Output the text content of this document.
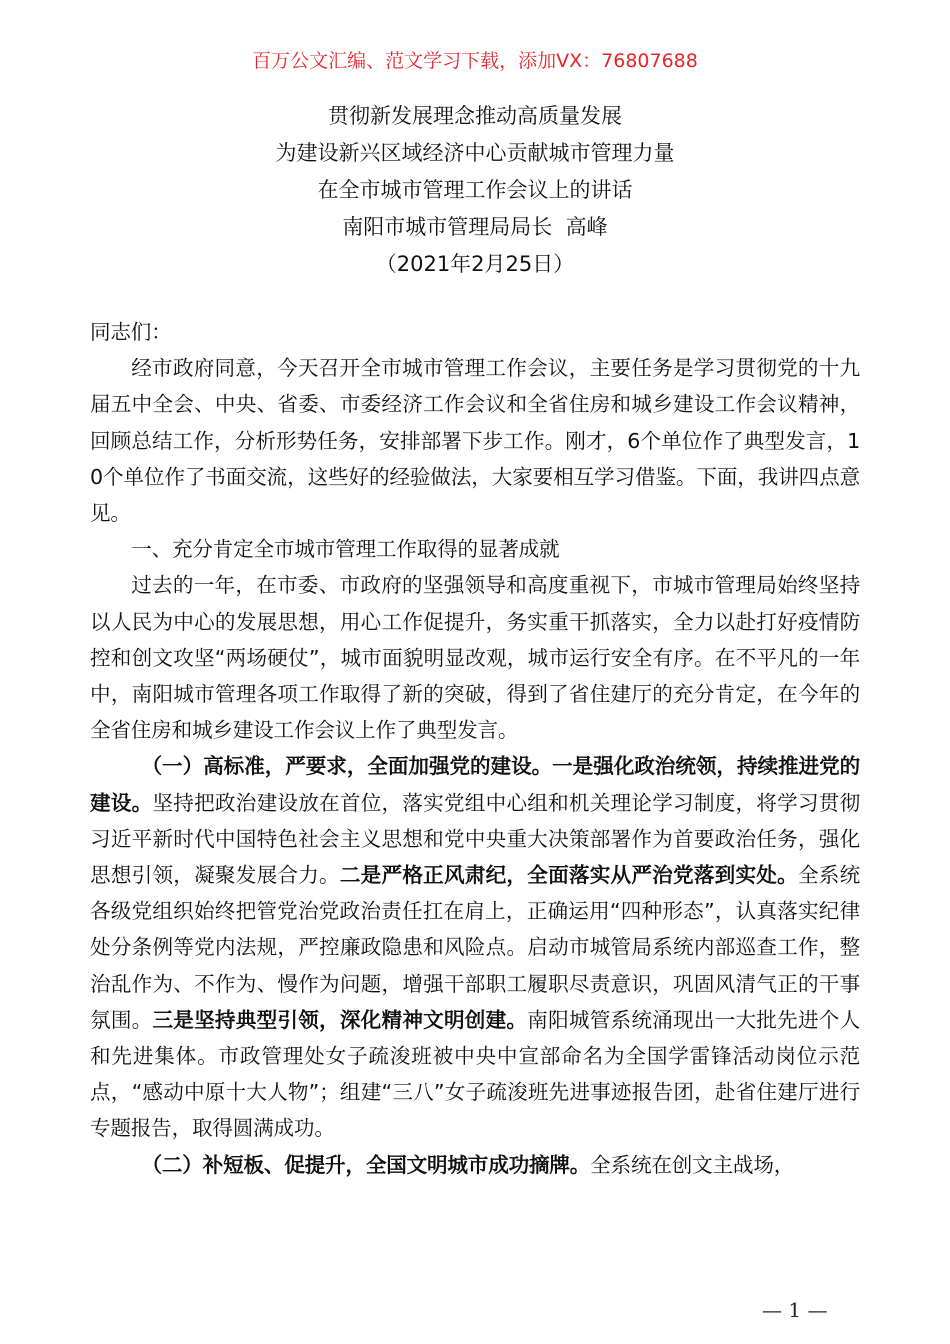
百万公文汇编、范文学习下载，添加VX：76807688
贯彻新发展理念推动高质量发展
为建设新兴区域经济中心贡献城市管理力量
在全市城市管理工作会议上的讲话
南阳市城市管理局局长  高峰
（2021年2月25日）

同志们：

经市政府同意，今天召开全市城市管理工作会议，主要任务是学习贯彻党的十九届五中全会、中央、省委、市委经济工作会议和全省住房和城乡建设工作会议精神，回顾总结工作，分析形势任务，安排部署下步工作。刚才，6个单位作了典型发言，10个单位作了书面交流，这些好的经验做法，大家要相互学习借鉴。下面，我讲四点意见。

一、充分肯定全市城市管理工作取得的显著成就

过去的一年，在市委、市政府的坚强领导和高度重视下，市城市管理局始终坚持以人民为中心的发展思想，用心工作促提升，务实重干抓落实，全力以赴打好疫情防控和创文攻坚“两场硬仗”，城市面貌明显改观，城市运行安全有序。在不平凡的一年中，南阳城市管理各项工作取得了新的突破，得到了省住建厅的充分肯定，在今年的全省住房和城乡建设工作会议上作了典型发言。

（一）高标准，严要求，全面加强党的建设。一是强化政治统领，持续推进党的建设。坚持把政治建设放在首位，落实党组中心组和机关理论学习制度，将学习贯彻习近平新时代中国特色社会主义思想和党中央重大决策部署作为首要政治任务，强化思想引领，凝聚发展合力。二是严格正风肃纪，全面落实从严治党落到实处。全系统各级党组织始终把管党治党政治责任扛在肩上，正确运用“四种形态”，认真落实纪律处分条例等党内法规，严控廉政隐患和风险点。启动市城管局系统内部巡查工作，整治乱作为、不作为、慢作为问题，增强干部职工履职尽责意识，巩固风清气正的干事氛围。三是坚持典型引领，深化精神文明创建。南阳城管系统涌现出一大批先进个人和先进集体。市政管理处女子疏浚班被中央中宣部命名为全国学雷锋活动岗位示范点，“感动中原十大人物”；组建“三八”女子疏浚班先进事迹报告团，赴省住建厅进行专题报告，取得圆满成功。

（二）补短板、促提升，全国文明城市成功摘牌。全系统在创文主战场，

— 1 —
